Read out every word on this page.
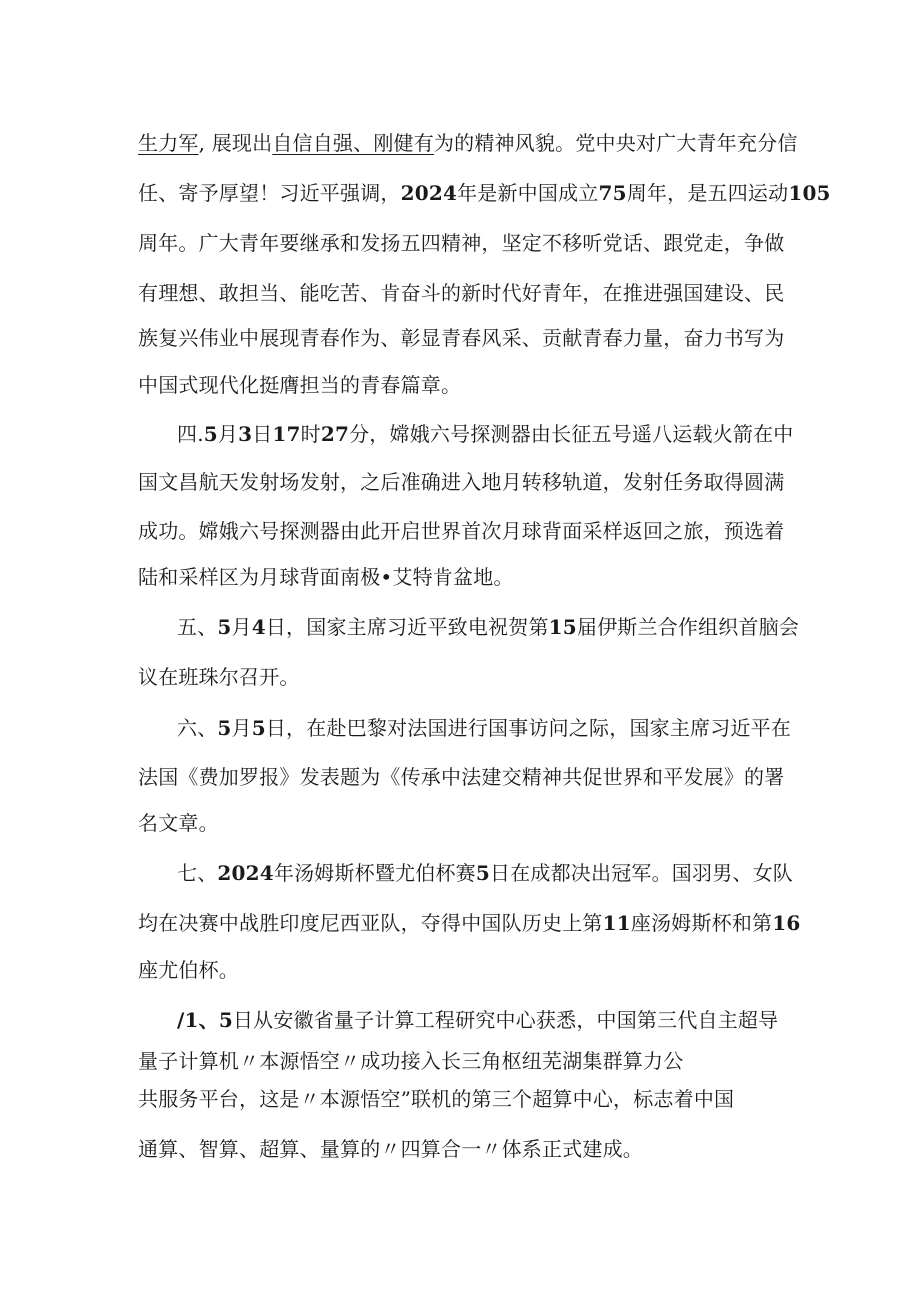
生力军, 展现出自信自强、刚健有为的精神风貌。党中央对广大青年充分信
任、寄予厚望！习近平强调，2024年是新中国成立75周年，是五四运动105
周年。广大青年要继承和发扬五四精神，坚定不移听党话、跟党走，争做
有理想、敢担当、能吃苦、肯奋斗的新时代好青年，在推进强国建设、民
族复兴伟业中展现青春作为、彰显青春风采、贡献青春力量，奋力书写为
中国式现代化挺膺担当的青春篇章。
四.5月3日17时27分，嫦娥六号探测器由长征五号遥八运载火箭在中
国文昌航天发射场发射，之后准确进入地月转移轨道，发射任务取得圆满
成功。嫦娥六号探测器由此开启世界首次月球背面采样返回之旅，预选着
陆和采样区为月球背面南极•艾特肯盆地。
五、5月4日，国家主席习近平致电祝贺第15届伊斯兰合作组织首脑会
议在班珠尔召开。
六、5月5日，在赴巴黎对法国进行国事访问之际，国家主席习近平在
法国《费加罗报》发表题为《传承中法建交精神共促世界和平发展》的署
名文章。
七、2024年汤姆斯杯暨尤伯杯赛5日在成都决出冠军。国羽男、女队
均在决赛中战胜印度尼西亚队，夺得中国队历史上第11座汤姆斯杯和第16
座尤伯杯。
/1、5日从安徽省量子计算工程研究中心获悉，中国第三代自主超导
量子计算机〃本源悟空〃成功接入长三角枢纽芜湖集群算力公
共服务平台，这是〃本源悟空”联机的第三个超算中心，标志着中国
通算、智算、超算、量算的〃四算合一〃体系正式建成。
